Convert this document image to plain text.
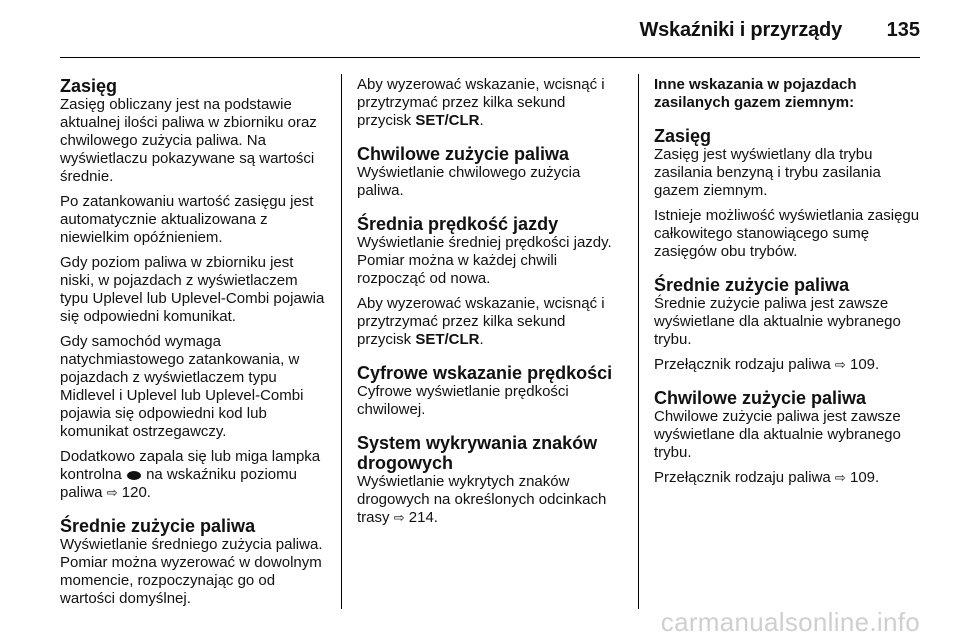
Wskaźniki i przyrządy 135

Zasięg

Zasięg obliczany jest na podstawie aktualnej ilości paliwa w zbiorniku oraz chwilowego zużycia paliwa. Na wyświetlaczu pokazywane są wartości średnie.

Po zatankowaniu wartość zasięgu jest automatycznie aktualizowana z niewielkim opóźnieniem.

Gdy poziom paliwa w zbiorniku jest niski, w pojazdach z wyświetlaczem typu Uplevel lub Uplevel-Combi pojawia się odpowiedni komunikat.

Gdy samochód wymaga natychmiastowego zatankowania, w pojazdach z wyświetlaczem typu Midlevel i Uplevel lub Uplevel-Combi pojawia się odpowiedni kod lub komunikat ostrzegawczy.

Dodatkowo zapala się lub miga lampka kontrolna na wskaźniku poziomu paliwa ⇨ 120.

Średnie zużycie paliwa

Wyświetlanie średniego zużycia paliwa. Pomiar można wyzerować w dowolnym momencie, rozpoczynając go od wartości domyślnej.

Aby wyzerować wskazanie, wcisnąć i przytrzymać przez kilka sekund przycisk SET/CLR.

Chwilowe zużycie paliwa

Wyświetlanie chwilowego zużycia paliwa.

Średnia prędkość jazdy

Wyświetlanie średniej prędkości jazdy. Pomiar można w każdej chwili rozpocząć od nowa.

Aby wyzerować wskazanie, wcisnąć i przytrzymać przez kilka sekund przycisk SET/CLR.

Cyfrowe wskazanie prędkości

Cyfrowe wyświetlanie prędkości chwilowej.

System wykrywania znaków drogowych

Wyświetlanie wykrytych znaków drogowych na określonych odcinkach trasy ⇨ 214.

Inne wskazania w pojazdach zasilanych gazem ziemnym:

Zasięg

Zasięg jest wyświetlany dla trybu zasilania benzyną i trybu zasilania gazem ziemnym.

Istnieje możliwość wyświetlania zasięgu całkowitego stanowiącego sumę zasięgów obu trybów.

Średnie zużycie paliwa

Średnie zużycie paliwa jest zawsze wyświetlane dla aktualnie wybranego trybu.

Przełącznik rodzaju paliwa ⇨ 109.

Chwilowe zużycie paliwa

Chwilowe zużycie paliwa jest zawsze wyświetlane dla aktualnie wybranego trybu.

Przełącznik rodzaju paliwa ⇨ 109.

carmanualsonline.info
